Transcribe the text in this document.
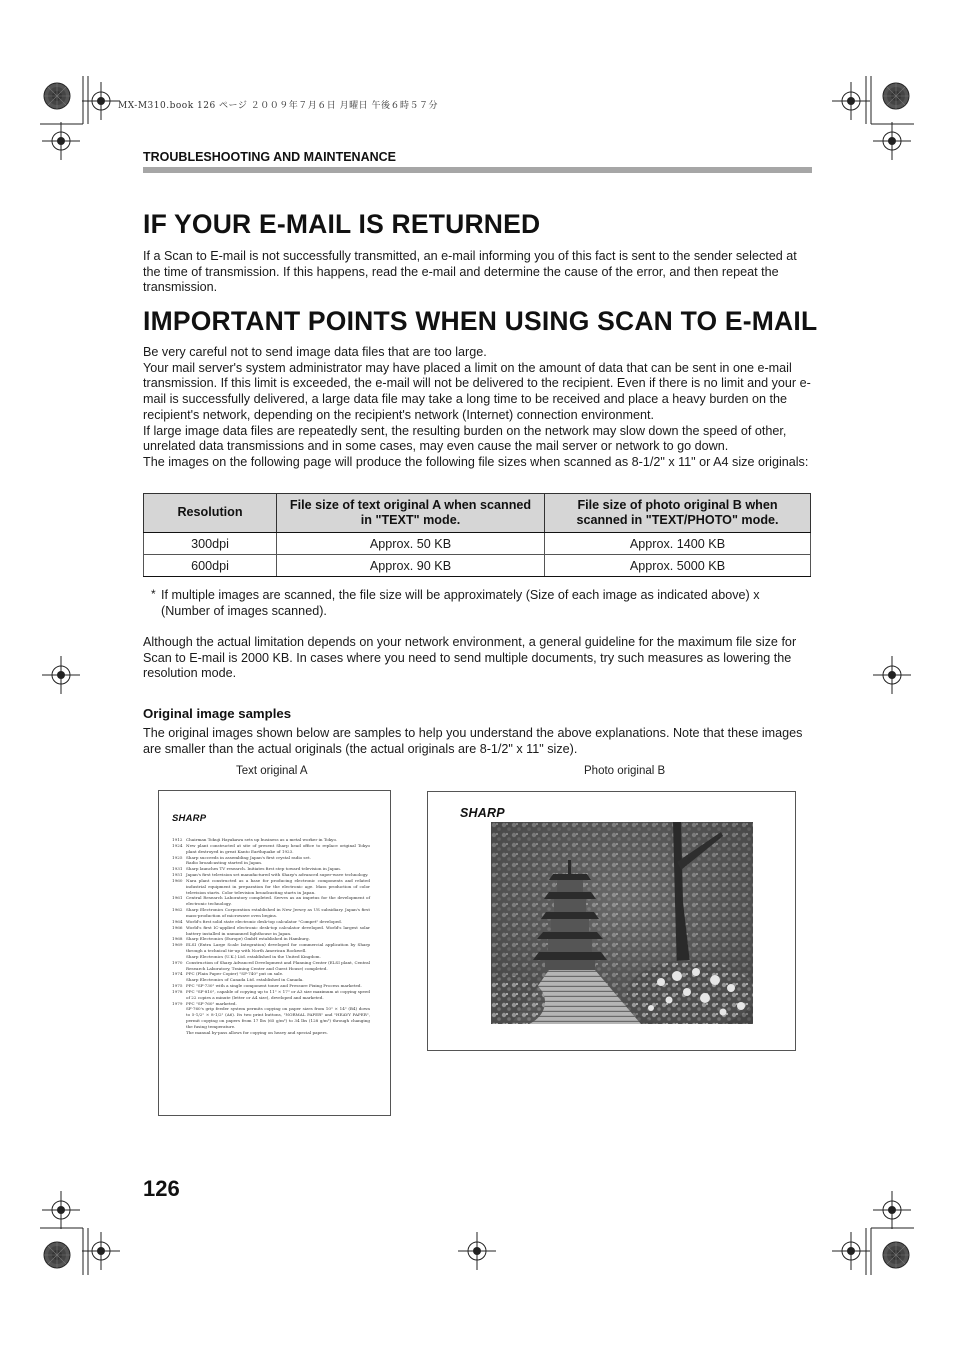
MX-M310.book 126 ページ ２００９年７月６日 月曜日 午後６時５７分
TROUBLESHOOTING AND MAINTENANCE
IF YOUR E-MAIL IS RETURNED

If a Scan to E-mail is not successfully transmitted, an e-mail informing you of this fact is sent to the sender selected at the time of transmission. If this happens, read the e-mail and determine the cause of the error, and then repeat the transmission.

IMPORTANT POINTS WHEN USING SCAN TO E-MAIL
Be very careful not to send image data files that are too large.
Your mail server's system administrator may have placed a limit on the amount of data that can be sent in one e-mail transmission. If this limit is exceeded, the e-mail will not be delivered to the recipient. Even if there is no limit and your e-mail is successfully delivered, a large data file may take a long time to be received and place a heavy burden on the recipient's network, depending on the recipient's network (Internet) connection environment.
If large image data files are repeatedly sent, the resulting burden on the network may slow down the speed of other, unrelated data transmissions and in some cases, may even cause the mail server or network to go down.
The images on the following page will produce the following file sizes when scanned as 8-1/2" x 11" or A4 size originals:
Resolution	File size of text original A when scanned in "TEXT" mode.	File size of photo original B when scanned in "TEXT/PHOTO" mode.
300dpi	Approx. 50 KB	Approx. 1400 KB
600dpi	Approx. 90 KB	Approx. 5000 KB
* If multiple images are scanned, the file size will be approximately (Size of each image as indicated above) x (Number of images scanned).

Although the actual limitation depends on your network environment, a general guideline for the maximum file size for Scan to E-mail is 2000 KB. In cases where you need to send multiple documents, try such measures as lowering the resolution mode.

Original image samples

The original images shown below are samples to help you understand the above explanations. Note that these images are smaller than the actual originals (the actual originals are 8-1/2" x 11" size).

Text original A	Photo original B
SHARP
1912 Chairman Tokuji Hayakawa sets up business as a metal worker in Tokyo.
1924 New plant constructed at site of present Sharp head office to replace original Tokyo plant destroyed in great Kanto Earthquake of 1923.
1925 Sharp succeeds in assembling Japan's first crystal radio set.
Radio broadcasting started in Japan.
1931 Sharp launches TV research. Initiates first step toward television in Japan.
1951 Japan's first television set manufactured with Sharp's advanced super-wave technology.
1960 Nara plant constructed as a base for producing electronic components and related industrial equipment in preparation for the electronic age. Mass production of color television starts. Color television broadcasting starts in Japan.
1961 Central Research Laboratory completed. Serves as an impetus for the development of electronic technology.
1962 Sharp Electronics Corporation established in New Jersey as US subsidiary. Japan's first mass-production of microwave oven begins.
1964 World's first solid state electronic desk-top calculator "Compet" developed.
1966 World's first IC-applied electronic desk-top calculator developed. World's largest solar battery installed in unmanned lighthouse in Japan.
1968 Sharp Electronics (Europe) GmbH established in Hamburg.
1969 ELSI (Extra Large Scale Integration) developed for commercial application by Sharp through a technical tie-up with North American Rockwell.
Sharp Electronics (U.K.) Ltd. established in the United Kingdom.
1970 Construction of Sharp Advanced Development and Planning Center (ELSI plant, Central Research Laboratory, Training Center and Guest House) completed.
1974 PPC (Plain Paper Copier) "SF-740" put on sale.
Sharp Electronics of Canada Ltd. established in Canada.
1975 PPC "SF-730" with a single component toner and Pressure Fixing Process marketed.
1978 PPC "SF-810", capable of copying up to 11" × 17" or A3 size maximum at copying speed of 22 copies a minute (letter or A4 size), developed and marketed.
1979 PPC "SF-760" marketed.
SF-760's grip feeder system permits copying on paper sizes from 10" × 14" (B4) down to 5-1/2" × 8-1/2" (A6). Its two print buttons, "NORMAL PAPER" and "HEAVY PAPER", permit copying on papers from 17 lbs (65 g/m²) to 34 lbs (128 g/m²) through changing the fusing temperature.
The manual by-pass allows for copying on heavy and special papers.
SHARP
126
